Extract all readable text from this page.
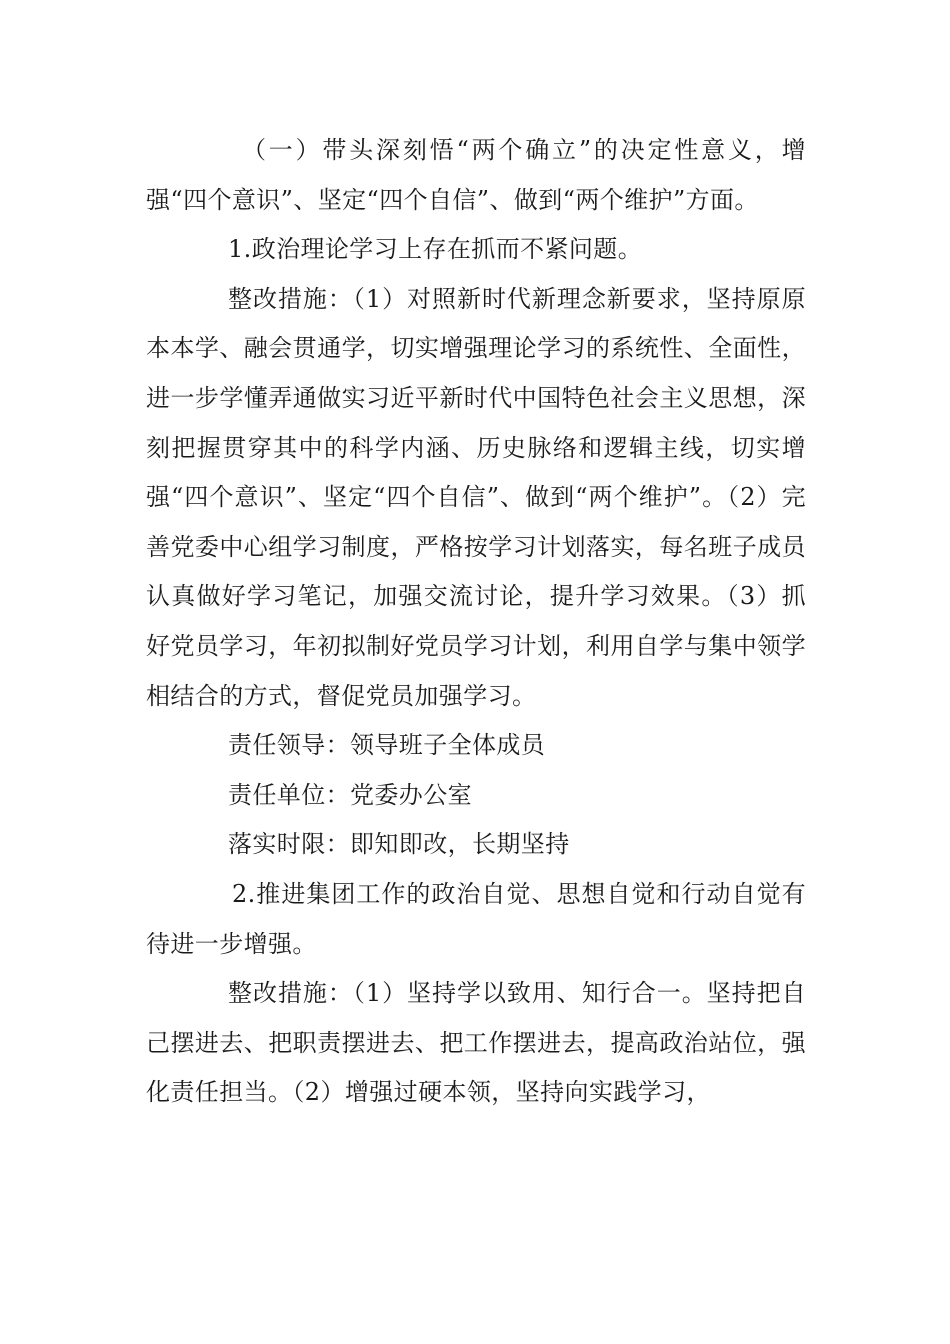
（一）带头深刻悟“两个确立”的决定性意义，增强“四个意识”、坚定“四个自信”、做到“两个维护”方面。

1.政治理论学习上存在抓而不紧问题。

整改措施：（1）对照新时代新理念新要求，坚持原原本本学、融会贯通学，切实增强理论学习的系统性、全面性，进一步学懂弄通做实习近平新时代中国特色社会主义思想，深刻把握贯穿其中的科学内涵、历史脉络和逻辑主线，切实增强“四个意识”、坚定“四个自信”、做到“两个维护”。（2）完善党委中心组学习制度，严格按学习计划落实，每名班子成员认真做好学习笔记，加强交流讨论，提升学习效果。（3）抓好党员学习，年初拟制好党员学习计划，利用自学与集中领学相结合的方式，督促党员加强学习。

责任领导：领导班子全体成员

责任单位：党委办公室

落实时限：即知即改，长期坚持

2.推进集团工作的政治自觉、思想自觉和行动自觉有待进一步增强。

整改措施：（1）坚持学以致用、知行合一。坚持把自己摆进去、把职责摆进去、把工作摆进去，提高政治站位，强化责任担当。（2）增强过硬本领，坚持向实践学习，
